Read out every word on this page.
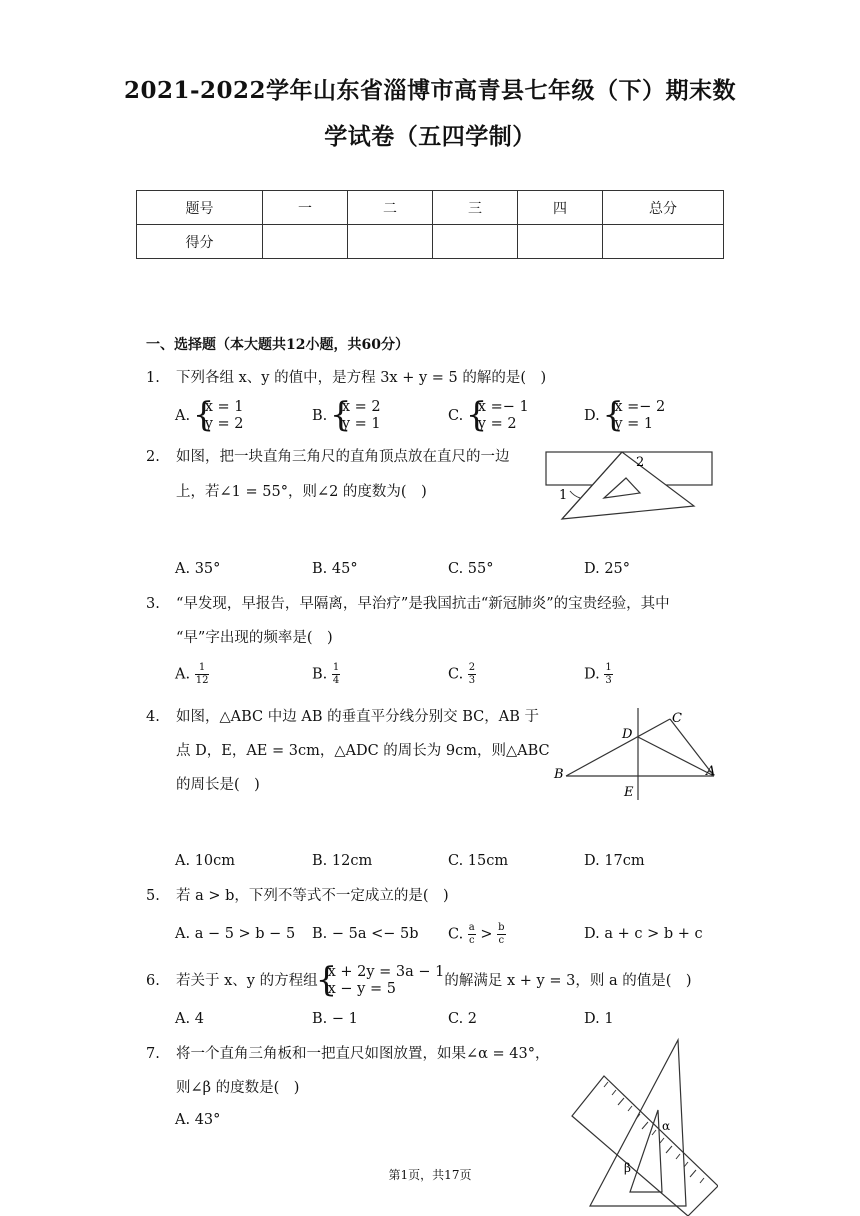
2021-2022学年山东省淄博市高青县七年级（下）期末数
学试卷（五四学制）
题号	一	二	三	四	总分
得分					
一、选择题（本大题共12小题，共60分）
1.	下列各组 x、y 的值中，是方程 3x + y = 5 的解的是(　)
A.
{ x = 1
y = 2	B.
{ x = 2
y = 1	C.
{ x =− 1
y = 2	D.
{ x =− 2
y = 1
2.	如图，把一块直角三角尺的直角顶点放在直尺的一边
上，若∠1 = 55°，则∠2 的度数为(　)	1
2
A. 35°	B. 45°	C. 55°	D. 25°
3.	“早发现，早报告，早隔离，早治疗”是我国抗击“新冠肺炎”的宝贵经验，其中
“早”字出现的频率是(　)
A. $\frac{1}{12}$	B. $\frac{1}{4}$	C. $\frac{2}{3}$	D. $\frac{1}{3}$
4.	如图，△ABC 中边 AB 的垂直平分线分别交 BC，AB 于
点 D，E，AE = 3cm，△ADC 的周长为 9cm，则△ABC
的周长是(　)
C
D
B	A
E
A. 10cm	B. 12cm	C. 15cm	D. 17cm
5.	若 a > b，下列不等式不一定成立的是(　)
A. a − 5 > b − 5 B. − 5a <− 5b C. $\frac{a}{c} > \frac{b}{c}$	D. a + c > b + c
6.	若关于 x、y 的方程组
{ x + 2y = 3a − 1
x − y = 5	的解满足 x + y = 3，则 a 的值是(　)
A. 4	B. − 1	C. 2	D. 1
7.	将一个直角三角板和一把直尺如图放置，如果∠α = 43°，
则∠β 的度数是(　)
A. 43°	α
β
第1页，共17页
